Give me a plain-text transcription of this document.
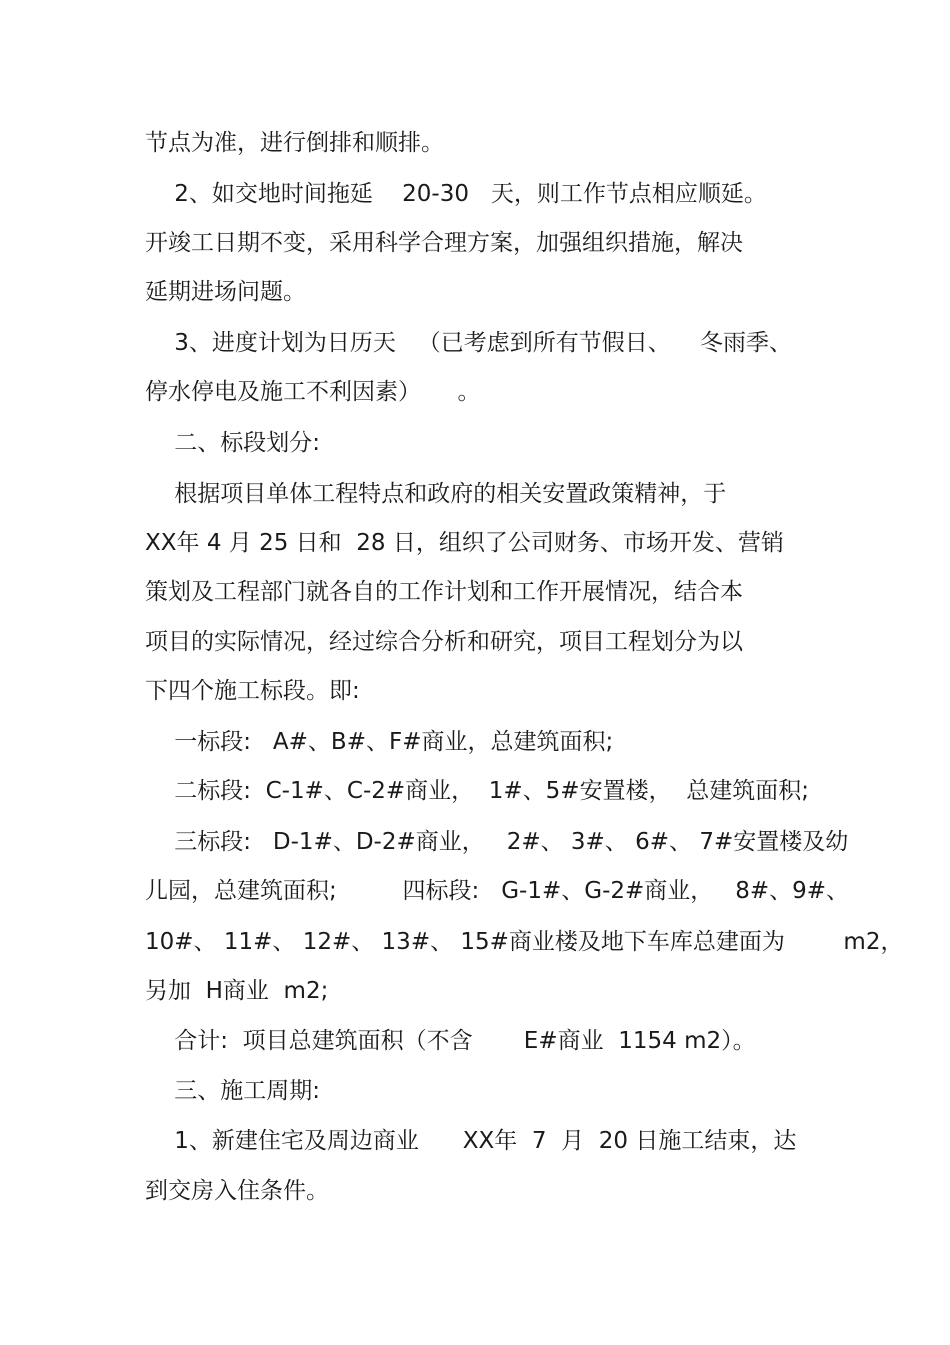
节点为准，进行倒排和顺排。
2、如交地时间拖延    20-30   天，则工作节点相应顺延。
开竣工日期不变，采用科学合理方案，加强组织措施，解决
延期进场问题。
3、进度计划为日历天   （已考虑到所有节假日、    冬雨季、
停水停电及施工不利因素）     。
二、标段划分:
根据项目单体工程特点和政府的相关安置政策精神，于
XX年 4 月 25 日和  28 日，组织了公司财务、市场开发、营销
策划及工程部门就各自的工作计划和工作开展情况，结合本
项目的实际情况，经过综合分析和研究，项目工程划分为以
下四个施工标段。即:
一标段:   A#、B#、F#商业，总建筑面积;
二标段:  C-1#、C-2#商业，  1#、5#安置楼，  总建筑面积;
三标段:   D-1#、D-2#商业，   2#、 3#、 6#、 7#安置楼及幼
儿园，总建筑面积;         四标段:   G-1#、G-2#商业，   8#、9#、
10#、 11#、 12#、 13#、 15#商业楼及地下车库总建面为        m2，
另加  H商业  m2;
合计:  项目总建筑面积（不含       E#商业  1154 m2）。
三、施工周期:
1、新建住宅及周边商业      XX年  7  月  20 日施工结束，达
到交房入住条件。
